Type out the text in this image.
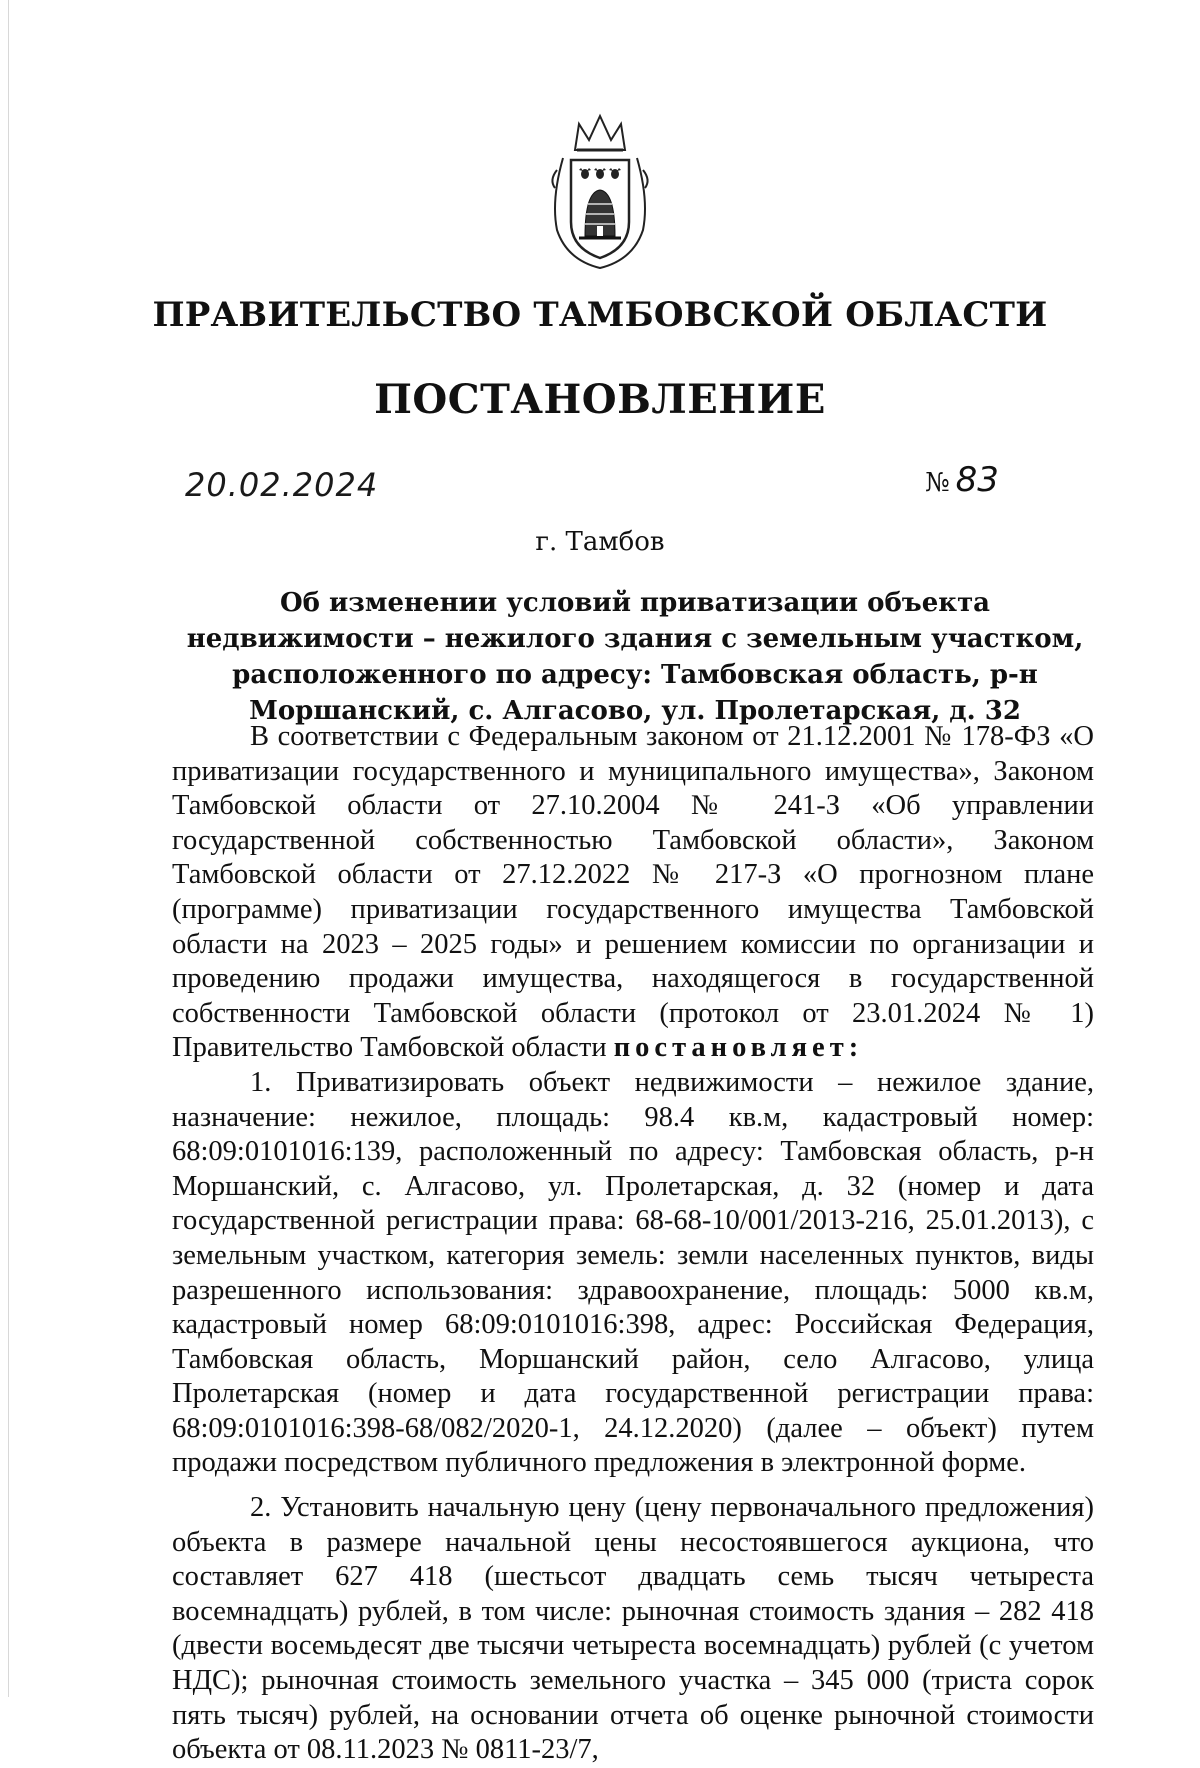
ПРАВИТЕЛЬСТВО ТАМБОВСКОЙ ОБЛАСТИ
ПОСТАНОВЛЕНИЕ
20.02.2024	№ 83
г. Тамбов
Об изменении условий приватизации объекта недвижимости – нежилого здания с земельным участком, расположенного по адресу: Тамбовская область, р-н Моршанский, с. Алгасово, ул. Пролетарская, д. 32

В соответствии с Федеральным законом от 21.12.2001 № 178-ФЗ «О приватизации государственного и муниципального имущества», Законом Тамбовской области от 27.10.2004 № 241-З «Об управлении государственной собственностью Тамбовской области», Законом Тамбовской области от 27.12.2022 № 217-З «О прогнозном плане (программе) приватизации государственного имущества Тамбовской области на 2023 – 2025 годы» и решением комиссии по организации и проведению продажи имущества, находящегося в государственной собственности Тамбовской области (протокол от 23.01.2024 № 1) Правительство Тамбовской области постановляет:

1. Приватизировать объект недвижимости – нежилое здание, назначение: нежилое, площадь: 98.4 кв.м, кадастровый номер: 68:09:0101016:139, расположенный по адресу: Тамбовская область, р-н Моршанский, с. Алгасово, ул. Пролетарская, д. 32 (номер и дата государственной регистрации права: 68-68-10/001/2013-216, 25.01.2013), с земельным участком, категория земель: земли населенных пунктов, виды разрешенного использования: здравоохранение, площадь: 5000 кв.м, кадастровый номер 68:09:0101016:398, адрес: Российская Федерация, Тамбовская область, Моршанский район, село Алгасово, улица Пролетарская (номер и дата государственной регистрации права: 68:09:0101016:398-68/082/2020-1, 24.12.2020) (далее – объект) путем продажи посредством публичного предложения в электронной форме.

2. Установить начальную цену (цену первоначального предложения) объекта в размере начальной цены несостоявшегося аукциона, что составляет 627 418 (шестьсот двадцать семь тысяч четыреста восемнадцать) рублей, в том числе: рыночная стоимость здания – 282 418 (двести восемьдесят две тысячи четыреста восемнадцать) рублей (с учетом НДС); рыночная стоимость земельного участка – 345 000 (триста сорок пять тысяч) рублей, на основании отчета об оценке рыночной стоимости объекта от 08.11.2023 № 0811-23/7,
